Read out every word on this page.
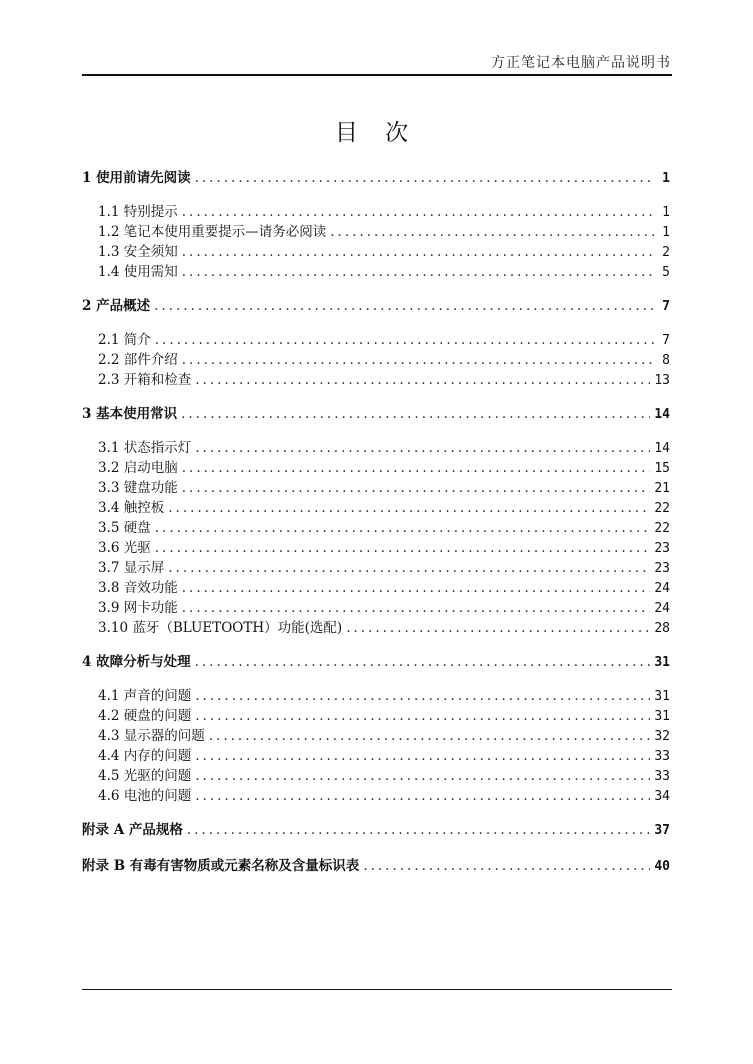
方正笔记本电脑产品说明书
目 次
1 使用前请先阅读 .....	1
1.1 特别提示 .....	1
1.2 笔记本使用重要提示—请务必阅读 .....	1
1.3 安全须知 .....	2
1.4 使用需知 .....	5
2 产品概述 .....	7
2.1 简介 .....	7
2.2 部件介绍 .....	8
2.3 开箱和检查 .....	13
3 基本使用常识 .....	14
3.1 状态指示灯 .....	14
3.2 启动电脑 .....	15
3.3 键盘功能 .....	21
3.4 触控板 .....	22
3.5 硬盘 .....	22
3.6 光驱 .....	23
3.7 显示屏 .....	23
3.8 音效功能 .....	24
3.9 网卡功能 .....	24
3.10 蓝牙（BLUETOOTH）功能(选配) .....	28
4 故障分析与处理 .....	31
4.1 声音的问题 .....	31
4.2 硬盘的问题 .....	31
4.3 显示器的问题 .....	32
4.4 内存的问题 .....	33
4.5 光驱的问题 .....	33
4.6 电池的问题 .....	34
附录 A 产品规格 .....	37
附录 B 有毒有害物质或元素名称及含量标识表 .....	40
